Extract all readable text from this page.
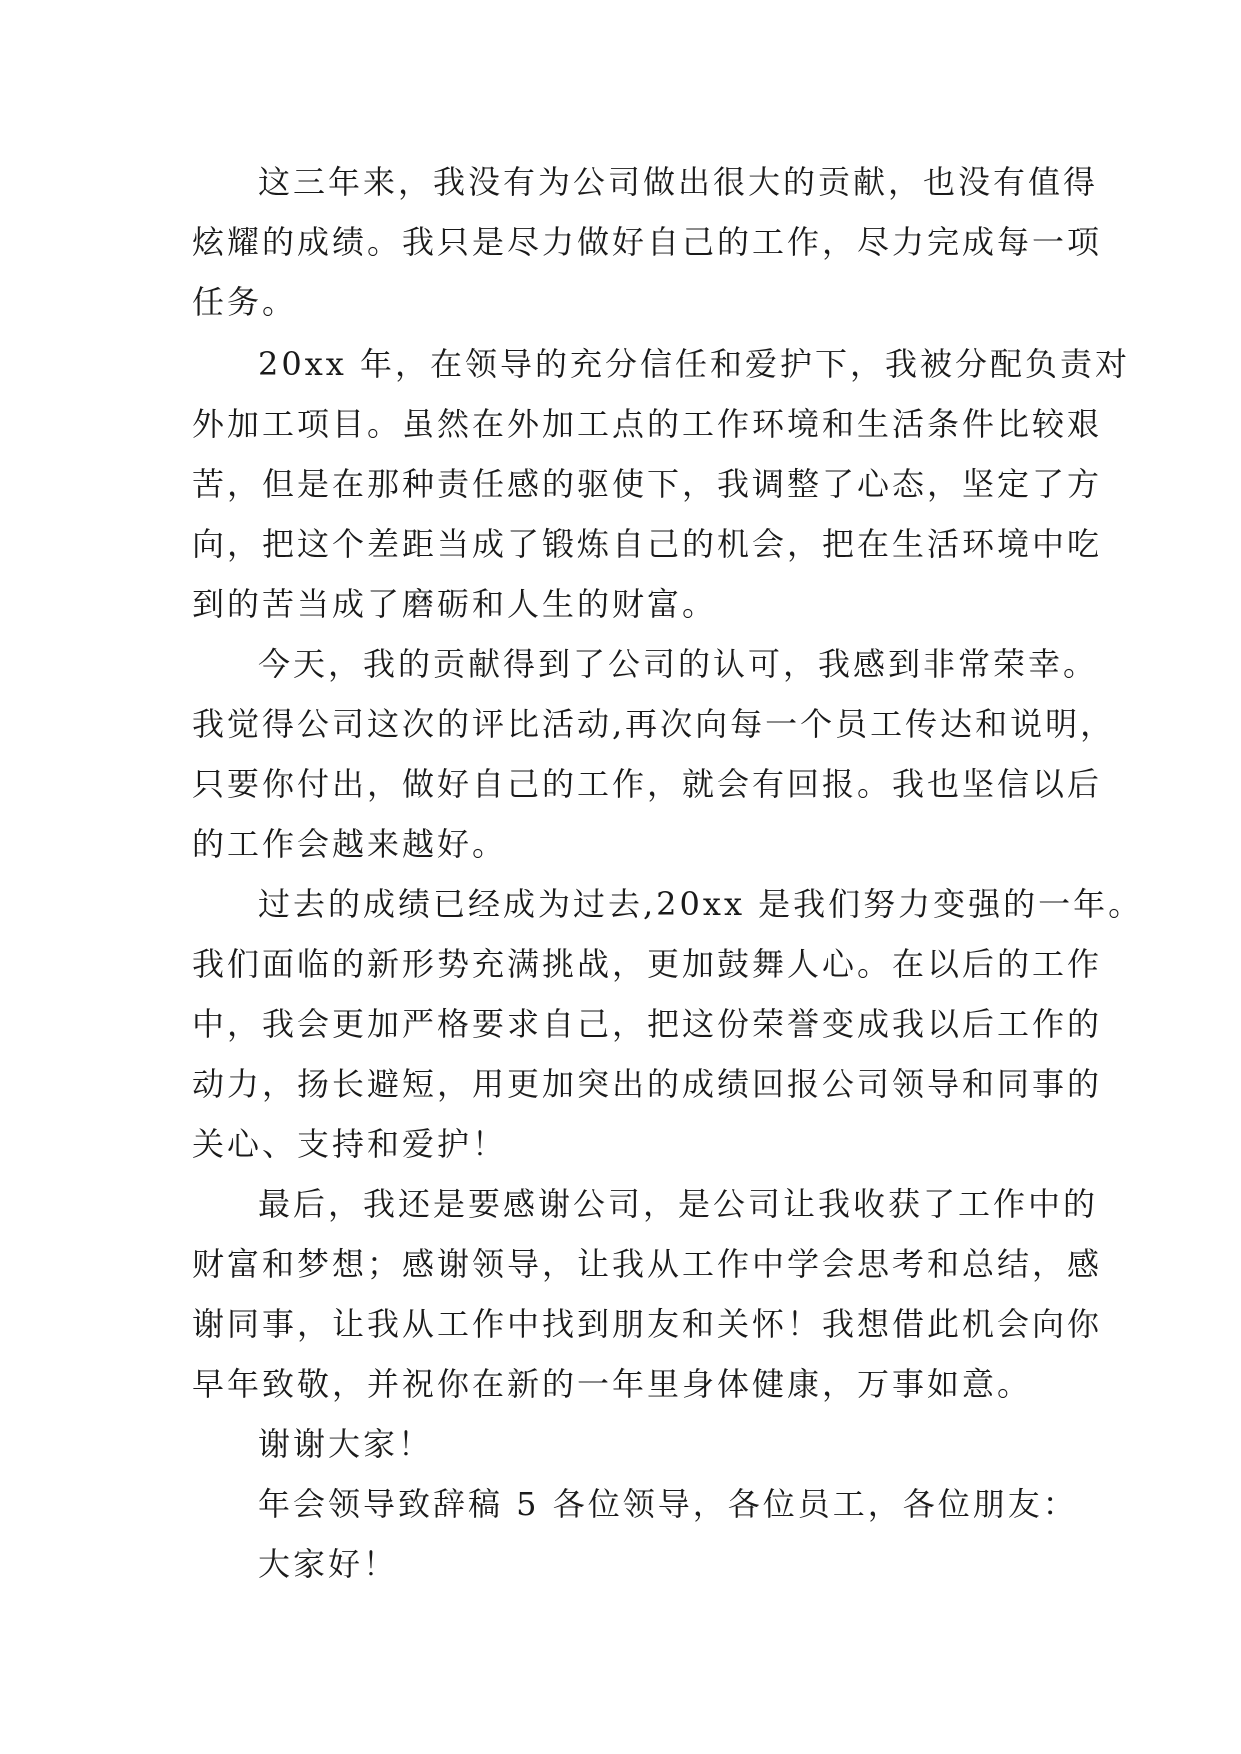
这三年来，我没有为公司做出很大的贡献，也没有值得
炫耀的成绩。我只是尽力做好自己的工作，尽力完成每一项
任务。
20xx 年，在领导的充分信任和爱护下，我被分配负责对
外加工项目。虽然在外加工点的工作环境和生活条件比较艰
苦，但是在那种责任感的驱使下，我调整了心态，坚定了方
向，把这个差距当成了锻炼自己的机会，把在生活环境中吃
到的苦当成了磨砺和人生的财富。
今天，我的贡献得到了公司的认可，我感到非常荣幸。
我觉得公司这次的评比活动,再次向每一个员工传达和说明，
只要你付出，做好自己的工作，就会有回报。我也坚信以后
的工作会越来越好。
过去的成绩已经成为过去,20xx 是我们努力变强的一年。
我们面临的新形势充满挑战，更加鼓舞人心。在以后的工作
中，我会更加严格要求自己，把这份荣誉变成我以后工作的
动力，扬长避短，用更加突出的成绩回报公司领导和同事的
关心、支持和爱护！
最后，我还是要感谢公司，是公司让我收获了工作中的
财富和梦想；感谢领导，让我从工作中学会思考和总结，感
谢同事，让我从工作中找到朋友和关怀！我想借此机会向你
早年致敬，并祝你在新的一年里身体健康，万事如意。
谢谢大家！
年会领导致辞稿 5 各位领导，各位员工，各位朋友：
大家好！
